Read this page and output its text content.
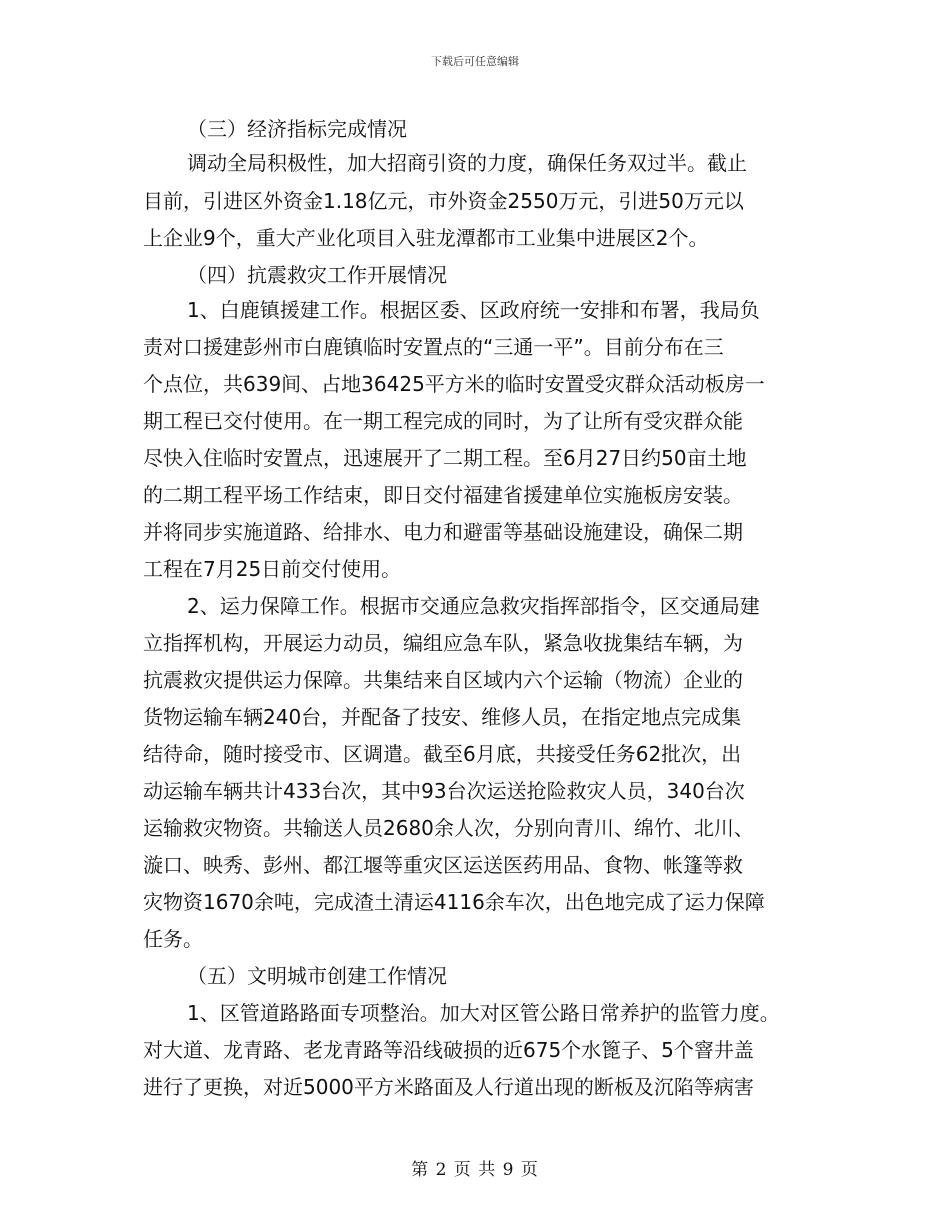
下载后可任意编辑
（三）经济指标完成情况
调动全局积极性，加大招商引资的力度，确保任务双过半。截止
目前，引进区外资金1.18亿元，市外资金2550万元，引进50万元以
上企业9个，重大产业化项目入驻龙潭都市工业集中进展区2个。
（四）抗震救灾工作开展情况
1、白鹿镇援建工作。根据区委、区政府统一安排和布署，我局负
责对口援建彭州市白鹿镇临时安置点的“三通一平”。目前分布在三
个点位，共639间、占地36425平方米的临时安置受灾群众活动板房一
期工程已交付使用。在一期工程完成的同时，为了让所有受灾群众能
尽快入住临时安置点，迅速展开了二期工程。至6月27日约50亩土地
的二期工程平场工作结束，即日交付福建省援建单位实施板房安装。
并将同步实施道路、给排水、电力和避雷等基础设施建设，确保二期
工程在7月25日前交付使用。
2、运力保障工作。根据市交通应急救灾指挥部指令，区交通局建
立指挥机构，开展运力动员，编组应急车队，紧急收拢集结车辆，为
抗震救灾提供运力保障。共集结来自区域内六个运输（物流）企业的
货物运输车辆240台，并配备了技安、维修人员，在指定地点完成集
结待命，随时接受市、区调遣。截至6月底，共接受任务62批次，出
动运输车辆共计433台次，其中93台次运送抢险救灾人员，340台次
运输救灾物资。共输送人员2680余人次，分别向青川、绵竹、北川、
漩口、映秀、彭州、都江堰等重灾区运送医药用品、食物、帐篷等救
灾物资1670余吨，完成渣土清运4116余车次，出色地完成了运力保障
任务。
（五）文明城市创建工作情况
1、区管道路路面专项整治。加大对区管公路日常养护的监管力度。
对大道、龙青路、老龙青路等沿线破损的近675个水篦子、5个窨井盖
进行了更换，对近5000平方米路面及人行道出现的断板及沉陷等病害
第 2 页 共 9 页
